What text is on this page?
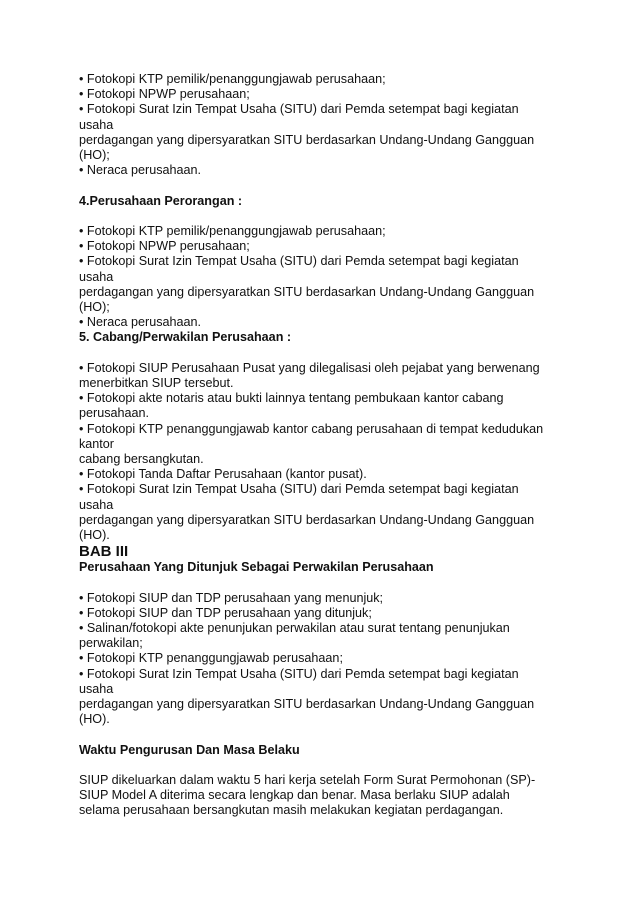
• Fotokopi KTP pemilik/penanggungjawab perusahaan;
• Fotokopi NPWP perusahaan;
• Fotokopi Surat Izin Tempat Usaha (SITU) dari Pemda setempat bagi kegiatan
usaha
perdagangan yang dipersyaratkan SITU berdasarkan Undang-Undang Gangguan
(HO);
• Neraca perusahaan.
4.Perusahaan Perorangan :
• Fotokopi KTP pemilik/penanggungjawab perusahaan;
• Fotokopi NPWP perusahaan;
• Fotokopi Surat Izin Tempat Usaha (SITU) dari Pemda setempat bagi kegiatan
usaha
perdagangan yang dipersyaratkan SITU berdasarkan Undang-Undang Gangguan
(HO);
• Neraca perusahaan.
5. Cabang/Perwakilan Perusahaan :
• Fotokopi SIUP Perusahaan Pusat yang dilegalisasi oleh pejabat yang berwenang
menerbitkan SIUP tersebut.
• Fotokopi akte notaris atau bukti lainnya tentang pembukaan kantor cabang
perusahaan.
• Fotokopi KTP penanggungjawab kantor cabang perusahaan di tempat kedudukan
kantor
cabang bersangkutan.
• Fotokopi Tanda Daftar Perusahaan (kantor pusat).
• Fotokopi Surat Izin Tempat Usaha (SITU) dari Pemda setempat bagi kegiatan
usaha
perdagangan yang dipersyaratkan SITU berdasarkan Undang-Undang Gangguan
(HO).
BAB III
Perusahaan Yang Ditunjuk Sebagai Perwakilan Perusahaan
• Fotokopi SIUP dan TDP perusahaan yang menunjuk;
• Fotokopi SIUP dan TDP perusahaan yang ditunjuk;
• Salinan/fotokopi akte penunjukan perwakilan atau surat tentang penunjukan
perwakilan;
• Fotokopi KTP penanggungjawab perusahaan;
• Fotokopi Surat Izin Tempat Usaha (SITU) dari Pemda setempat bagi kegiatan
usaha
perdagangan yang dipersyaratkan SITU berdasarkan Undang-Undang Gangguan
(HO).
Waktu Pengurusan Dan Masa Belaku
SIUP dikeluarkan dalam waktu 5 hari kerja setelah Form Surat Permohonan (SP)-
SIUP Model A diterima secara lengkap dan benar. Masa berlaku SIUP adalah
selama perusahaan bersangkutan masih melakukan kegiatan perdagangan.
